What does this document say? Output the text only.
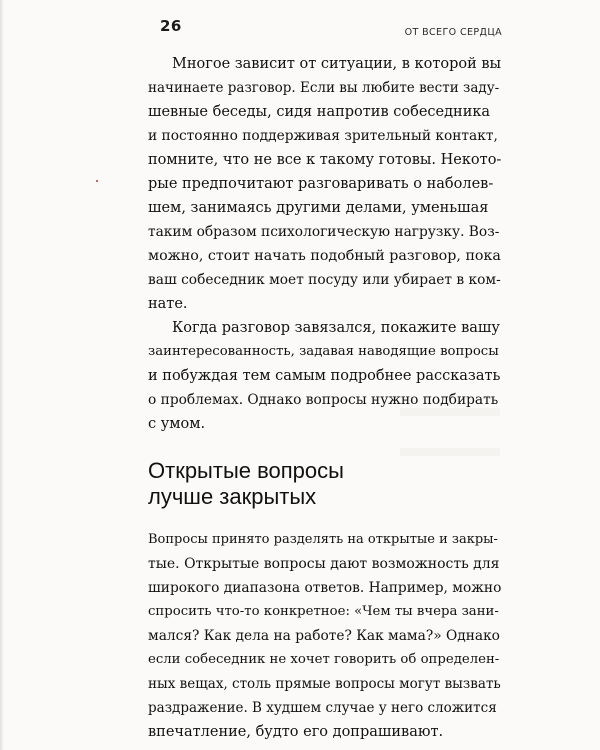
26	ОТ ВСЕГО СЕРДЦА

Многое зависит от ситуации, в которой вы

начинаете разговор. Если вы любите вести заду-

шевные беседы, сидя напротив собеседника

и постоянно поддерживая зрительный контакт,

помните, что не все к такому готовы. Некото-

рые предпочитают разговаривать о наболев-

шем, занимаясь другими делами, уменьшая

таким образом психологическую нагрузку. Воз-

можно, стоит начать подобный разговор, пока

ваш собеседник моет посуду или убирает в ком-

нате.

Когда разговор завязался, покажите вашу

заинтересованность, задавая наводящие вопросы

и побуждая тем самым подробнее рассказать

о проблемах. Однако вопросы нужно подбирать

с умом.

Открытые вопросы
лучше закрытых

Вопросы принято разделять на открытые и закры-

тые. Открытые вопросы дают возможность для

широкого диапазона ответов. Например, можно

спросить что-то конкретное: «Чем ты вчера зани-

мался? Как дела на работе? Как мама?» Однако

если собеседник не хочет говорить об определен-

ных вещах, столь прямые вопросы могут вызвать

раздражение. В худшем случае у него сложится

впечатление, будто его допрашивают.
